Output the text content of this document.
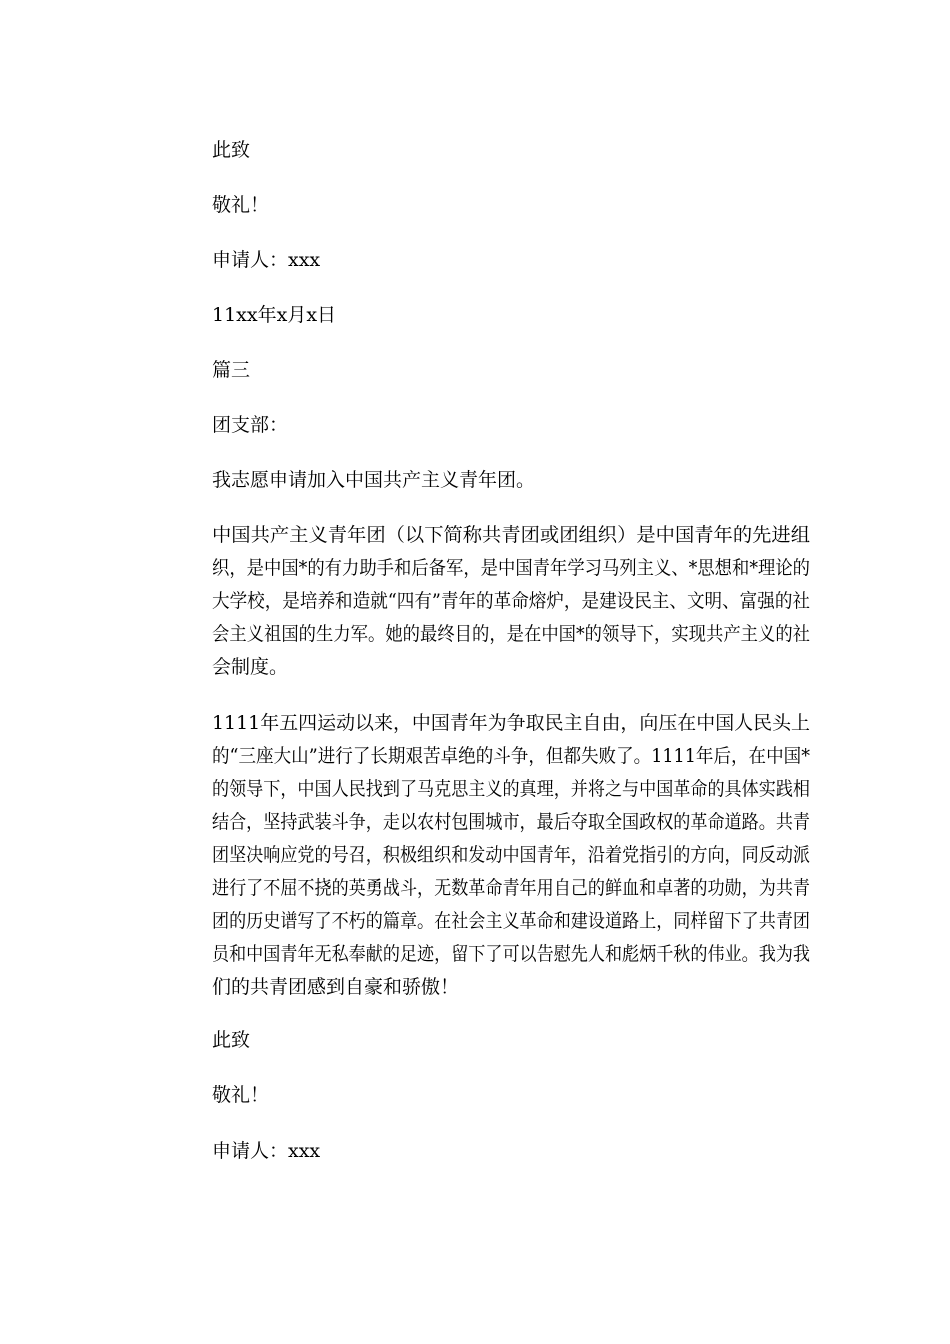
此致
敬礼！
申请人：xxx
11xx年x月x日
篇三
团支部：
我志愿申请加入中国共产主义青年团。
中国共产主义青年团（以下简称共青团或团组织）是中国青年的先进组
织，是中国*的有力助手和后备军，是中国青年学习马列主义、*思想和*理论的
大学校，是培养和造就“四有”青年的革命熔炉，是建设民主、文明、富强的社
会主义祖国的生力军。她的最终目的，是在中国*的领导下，实现共产主义的社
会制度。
1111年五四运动以来，中国青年为争取民主自由，向压在中国人民头上
的“三座大山”进行了长期艰苦卓绝的斗争，但都失败了。1111年后，在中国*
的领导下，中国人民找到了马克思主义的真理，并将之与中国革命的具体实践相
结合，坚持武装斗争，走以农村包围城市，最后夺取全国政权的革命道路。共青
团坚决响应党的号召，积极组织和发动中国青年，沿着党指引的方向，同反动派
进行了不屈不挠的英勇战斗，无数革命青年用自己的鲜血和卓著的功勋，为共青
团的历史谱写了不朽的篇章。在社会主义革命和建设道路上，同样留下了共青团
员和中国青年无私奉献的足迹，留下了可以告慰先人和彪炳千秋的伟业。我为我
们的共青团感到自豪和骄傲！
此致
敬礼！
申请人：xxx
